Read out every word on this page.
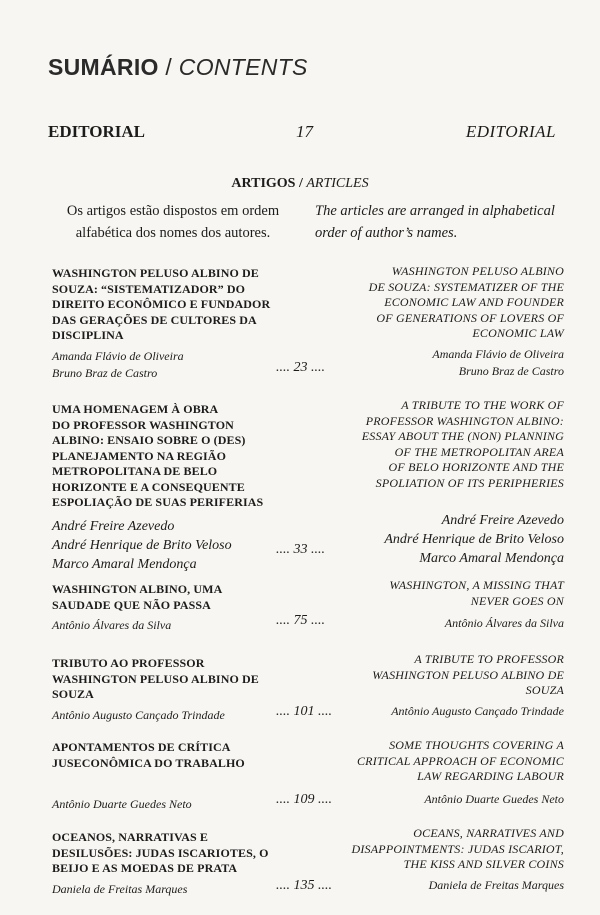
SUMÁRIO / CONTENTS
EDITORIAL	17	EDITORIAL
ARTIGOS / ARTICLES
Os artigos estão dispostos em ordem
alfabética dos nomes dos autores.
The articles are arranged in alphabetical
order of author’s names.
WASHINGTON PELUSO ALBINO DE
SOUZA: “SISTEMATIZADOR” DO
DIREITO ECONÔMICO E FUNDADOR
DAS GERAÇÕES DE CULTORES DA
DISCIPLINA
Amanda Flávio de Oliveira
Bruno Braz de Castro
WASHINGTON PELUSO ALBINO
DE SOUZA: SYSTEMATIZER OF THE
ECONOMIC LAW AND FOUNDER
OF GENERATIONS OF LOVERS OF
ECONOMIC LAW
Amanda Flávio de Oliveira
Bruno Braz de Castro
.... 23 ....
UMA HOMENAGEM À OBRA
DO PROFESSOR WASHINGTON
ALBINO: ENSAIO SOBRE O (DES)
PLANEJAMENTO NA REGIÃO
METROPOLITANA DE BELO
HORIZONTE E A CONSEQUENTE
ESPOLIAÇÃO DE SUAS PERIFERIAS
André Freire Azevedo
André Henrique de Brito Veloso
Marco Amaral Mendonça
A TRIBUTE TO THE WORK OF
PROFESSOR WASHINGTON ALBINO:
ESSAY ABOUT THE (NON) PLANNING
OF THE METROPOLITAN AREA
OF BELO HORIZONTE AND THE
SPOLIATION OF ITS PERIPHERIES
André Freire Azevedo
André Henrique de Brito Veloso
Marco Amaral Mendonça
.... 33 ....
WASHINGTON ALBINO, UMA
SAUDADE QUE NÃO PASSA
Antônio Álvares da Silva
WASHINGTON, A MISSING THAT
NEVER GOES ON
Antônio Álvares da Silva
.... 75 ....
TRIBUTO AO PROFESSOR
WASHINGTON PELUSO ALBINO DE
SOUZA
Antônio Augusto Cançado Trindade
A TRIBUTE TO PROFESSOR
WASHINGTON PELUSO ALBINO DE
SOUZA
Antônio Augusto Cançado Trindade
.... 101 ....
APONTAMENTOS DE CRÍTICA
JUSECONÔMICA DO TRABALHO
Antônio Duarte Guedes Neto
SOME THOUGHTS COVERING A
CRITICAL APPROACH OF ECONOMIC
LAW REGARDING LABOUR
Antônio Duarte Guedes Neto
.... 109 ....
OCEANOS, NARRATIVAS E
DESILUSÕES: JUDAS ISCARIOTES, O
BEIJO E AS MOEDAS DE PRATA
Daniela de Freitas Marques
OCEANS, NARRATIVES AND
DISAPPOINTMENTS: JUDAS ISCARIOT,
THE KISS AND SILVER COINS
Daniela de Freitas Marques
.... 135 ....
